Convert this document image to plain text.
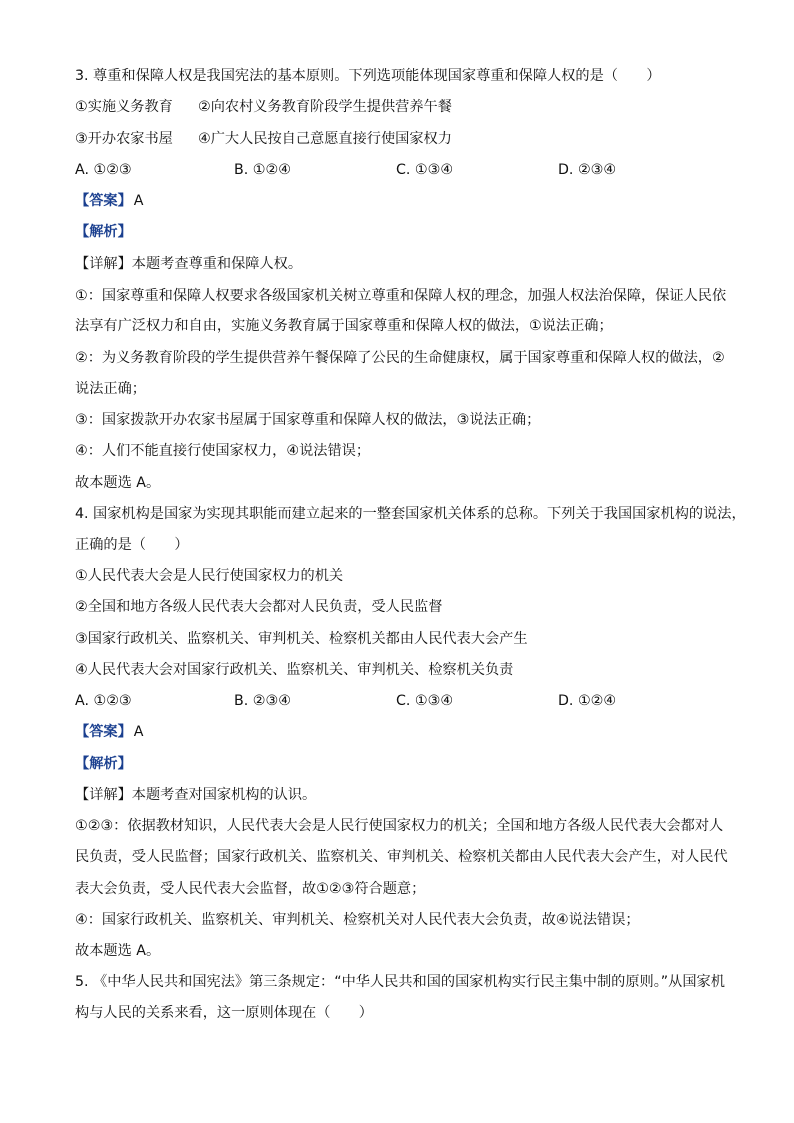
3. 尊重和保障人权是我国宪法的基本原则。下列选项能体现国家尊重和保障人权的是（　　）
①实施义务教育 ②向农村义务教育阶段学生提供营养午餐
③开办农家书屋 ④广大人民按自己意愿直接行使国家权力
A. ①②③	B. ①②④	C. ①③④	D. ②③④
【答案】 A
【解析】
【详解】本题考查尊重和保障人权。
①：国家尊重和保障人权要求各级国家机关树立尊重和保障人权的理念，加强人权法治保障，保证人民依
法享有广泛权力和自由，实施义务教育属于国家尊重和保障人权的做法，①说法正确；
②：为义务教育阶段的学生提供营养午餐保障了公民的生命健康权，属于国家尊重和保障人权的做法，②
说法正确；
③：国家拨款开办农家书屋属于国家尊重和保障人权的做法，③说法正确；
④：人们不能直接行使国家权力，④说法错误；
故本题选 A。
4. 国家机构是国家为实现其职能而建立起来的一整套国家机关体系的总称。下列关于我国国家机构的说法，
正确的是（　　）
①人民代表大会是人民行使国家权力的机关
②全国和地方各级人民代表大会都对人民负责，受人民监督
③国家行政机关、监察机关、审判机关、检察机关都由人民代表大会产生
④人民代表大会对国家行政机关、监察机关、审判机关、检察机关负责
A. ①②③	B. ②③④	C. ①③④	D. ①②④
【答案】 A
【解析】
【详解】本题考查对国家机构的认识。
①②③：依据教材知识，人民代表大会是人民行使国家权力的机关；全国和地方各级人民代表大会都对人
民负责，受人民监督；国家行政机关、监察机关、审判机关、检察机关都由人民代表大会产生，对人民代
表大会负责，受人民代表大会监督，故①②③符合题意；
④：国家行政机关、监察机关、审判机关、检察机关对人民代表大会负责，故④说法错误；
故本题选 A。
5. 《中华人民共和国宪法》第三条规定：“中华人民共和国的国家机构实行民主集中制的原则。”从国家机
构与人民的关系来看，这一原则体现在（　　）
